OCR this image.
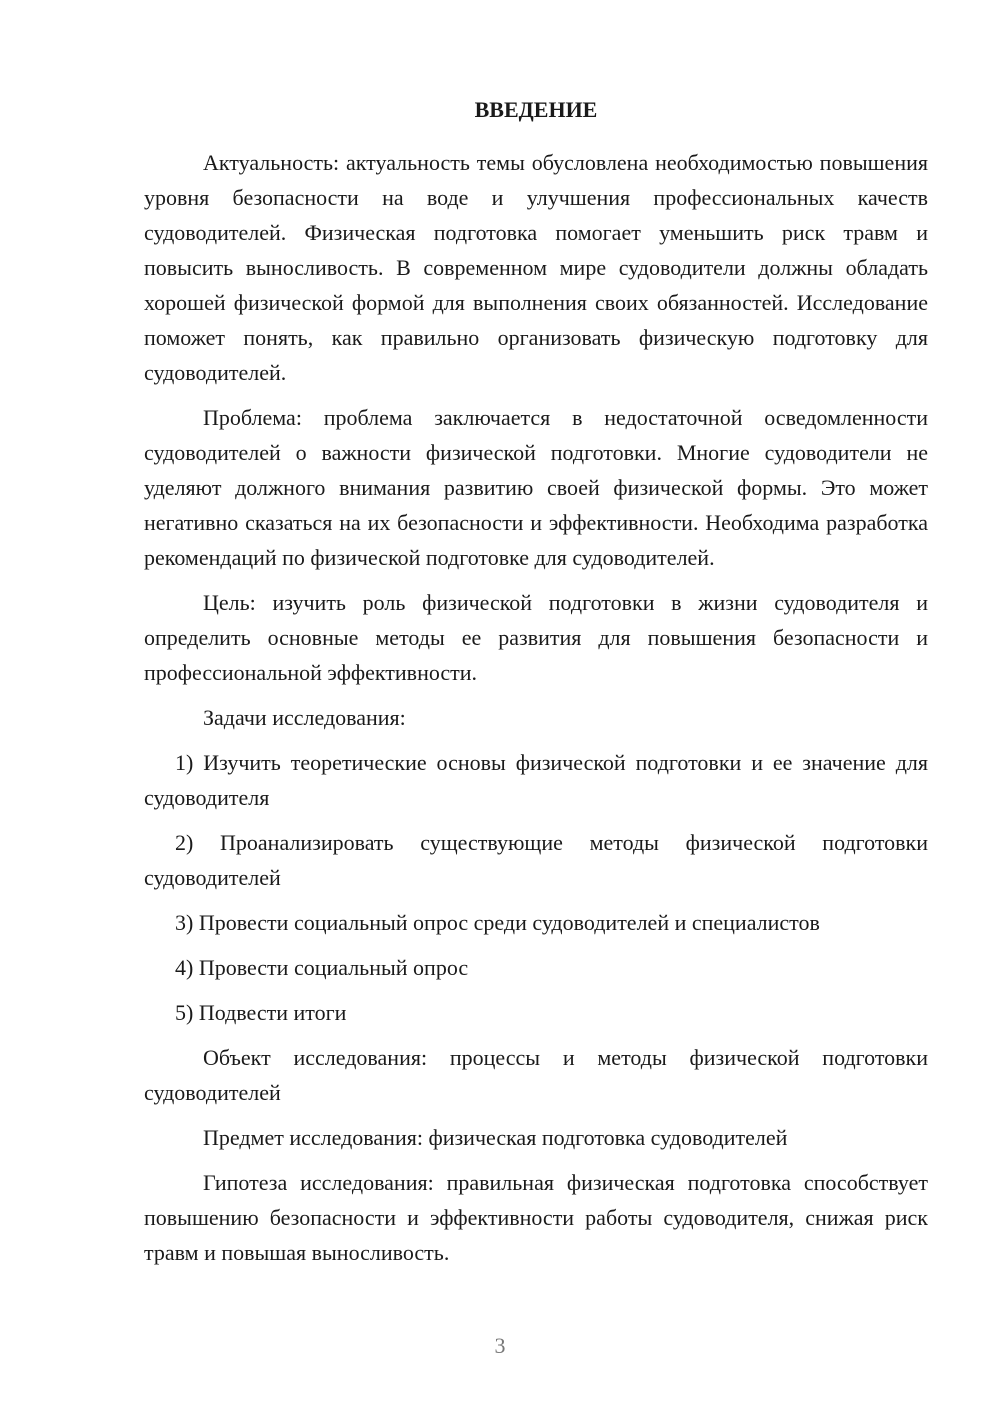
ВВЕДЕНИЕ

Актуальность: актуальность темы обусловлена необходимостью повышения уровня безопасности на воде и улучшения профессиональных качеств судоводителей. Физическая подготовка помогает уменьшить риск травм и повысить выносливость. В современном мире судоводители должны обладать хорошей физической формой для выполнения своих обязанностей. Исследование поможет понять, как правильно организовать физическую подготовку для судоводителей.

Проблема: проблема заключается в недостаточной осведомленности судоводителей о важности физической подготовки. Многие судоводители не уделяют должного внимания развитию своей физической формы. Это может негативно сказаться на их безопасности и эффективности. Необходима разработка рекомендаций по физической подготовке для судоводителей.

Цель: изучить роль физической подготовки в жизни судоводителя и определить основные методы ее развития для повышения безопасности и профессиональной эффективности.

Задачи исследования:

1) Изучить теоретические основы физической подготовки и ее значение для судоводителя

2) Проанализировать существующие методы физической подготовки судоводителей

3) Провести социальный опрос среди судоводителей и специалистов

4) Провести социальный опрос

5) Подвести итоги

Объект исследования: процессы и методы физической подготовки судоводителей

Предмет исследования: физическая подготовка судоводителей

Гипотеза исследования: правильная физическая подготовка способствует повышению безопасности и эффективности работы судоводителя, снижая риск травм и повышая выносливость.

3
